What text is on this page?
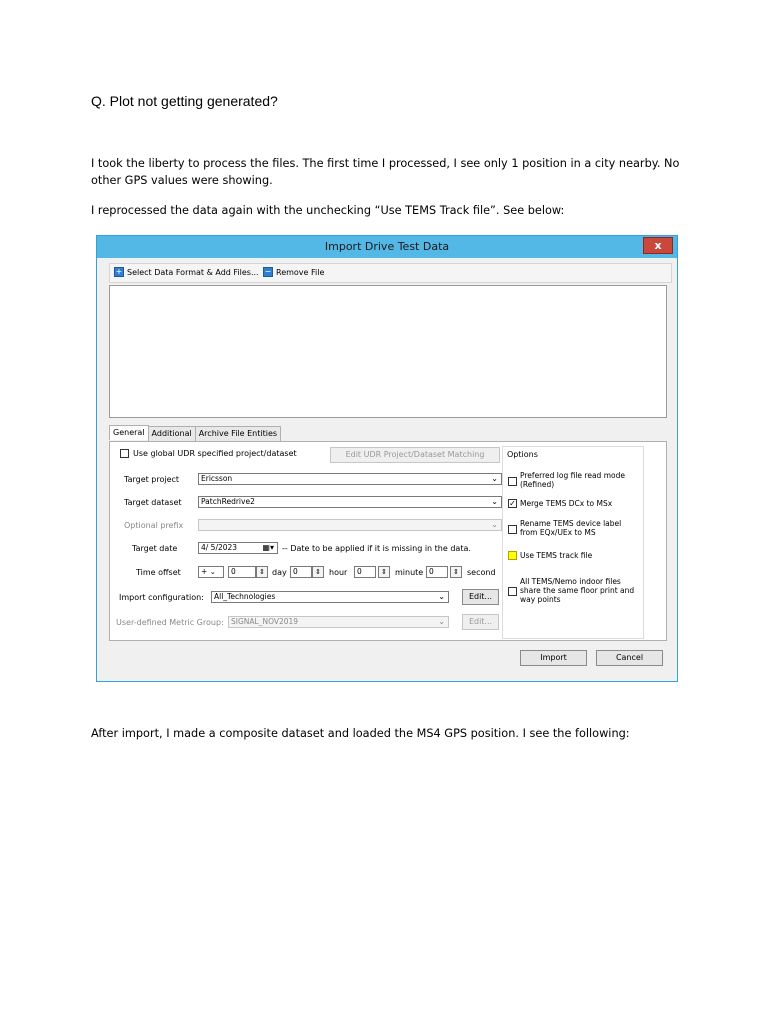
Q. Plot not getting generated?
I took the liberty to process the files. The first time I processed, I see only 1 position in a city nearby. No other GPS values were showing.
I reprocessed the data again with the unchecking “Use TEMS Track file”. See below:
After import, I made a composite dataset and loaded the MS4 GPS position. I see the following:
Import Drive Test Data	x
+ Select Data Format & Add Files... − Remove File
General Additional Archive File Entities
Use global UDR specified project/dataset	Edit UDR Project/Dataset Matching
Target project	Ericsson	⌄
Target dataset	PatchRedrive2	⌄
Optional prefix	⌄
Target date	4/ 5/2023	▦▾ -- Date to be applied if it is missing in the data.
Time offset	+ ⌄	0	⇕ day 0	⇕	hour	0	⇕	minute 0	⇕	second
Import configuration:	All_Technologies	⌄	Edit...
User-defined Metric Group: SIGNAL_NOV2019	⌄	Edit...
Options
Preferred log file read mode (Refined)
✓ Merge TEMS DCx to MSx
Rename TEMS device label from EQx/UEx to MS
Use TEMS track file
All TEMS/Nemo indoor files share the same floor print and way points
Import	Cancel
